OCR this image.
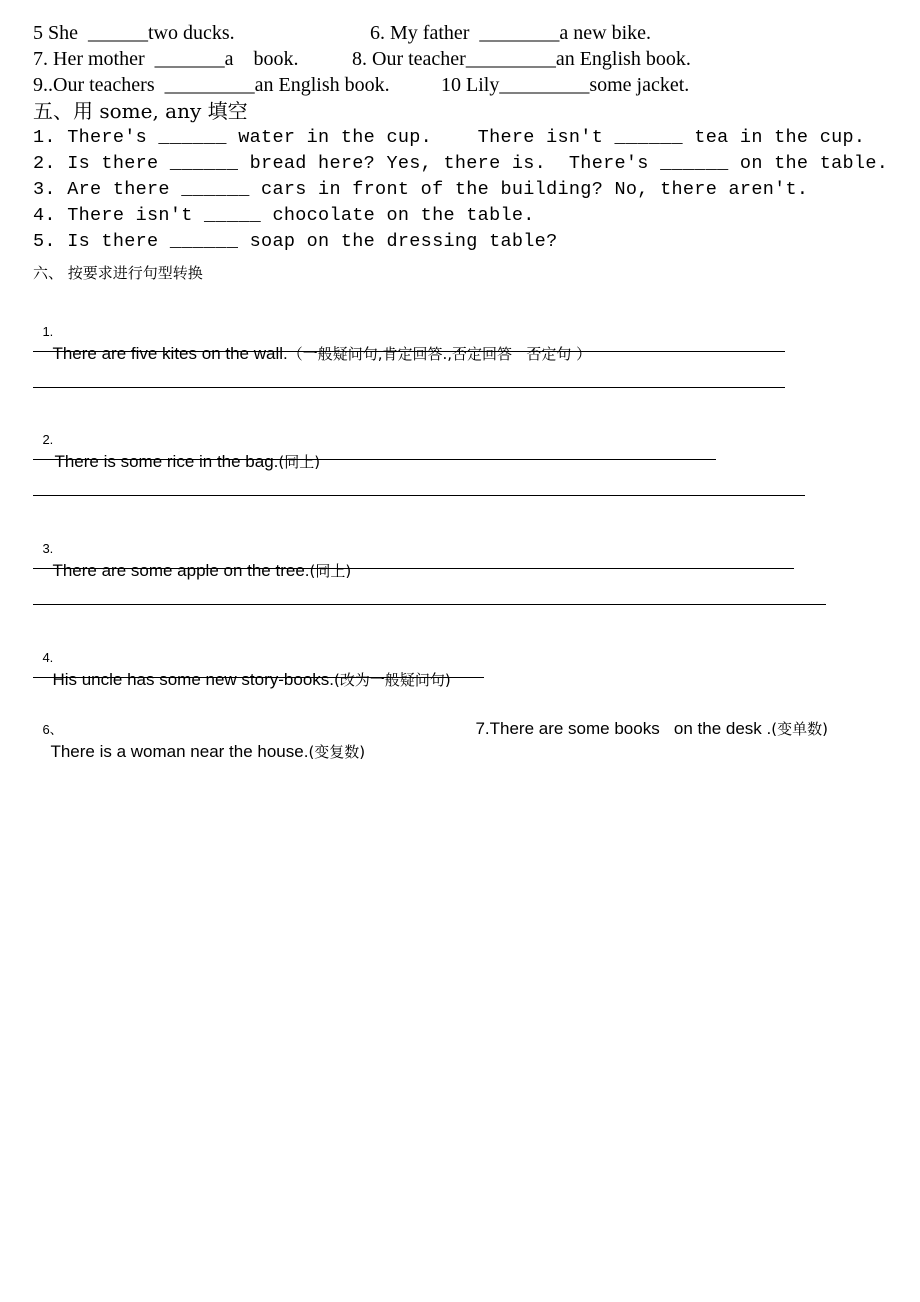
5 She  ______two ducks.	6. My father  ________a new bike.
7. Her mother  _______a    book.	8. Our teacher_________an English book.
9..Our teachers  _________an English book.	10 Lily_________some jacket.
五、用 some, any 填空
1. There's ______ water in the cup.    There isn't ______ tea in the cup.
2. Is there ______ bread here? Yes, there is.  There's ______ on the table.
3. Are there ______ cars in front of the building? No, there aren't.
4. There isn't _____ chocolate on the table.
5. Is there ______ soap on the dressing table?
六、 按要求进行句型转换

1.
There are five kites on the wall.（一般疑问句,肯定回答.,否定回答   否定句 ）

2.
There is some rice in the bag.(同上)

3.
There are some apple on the tree.(同上)

4.
His uncle has some new story-books.(改为一般疑问句)

6、
There is a woman near the house.(变复数)

7.There are some books   on the desk .(变单数)
